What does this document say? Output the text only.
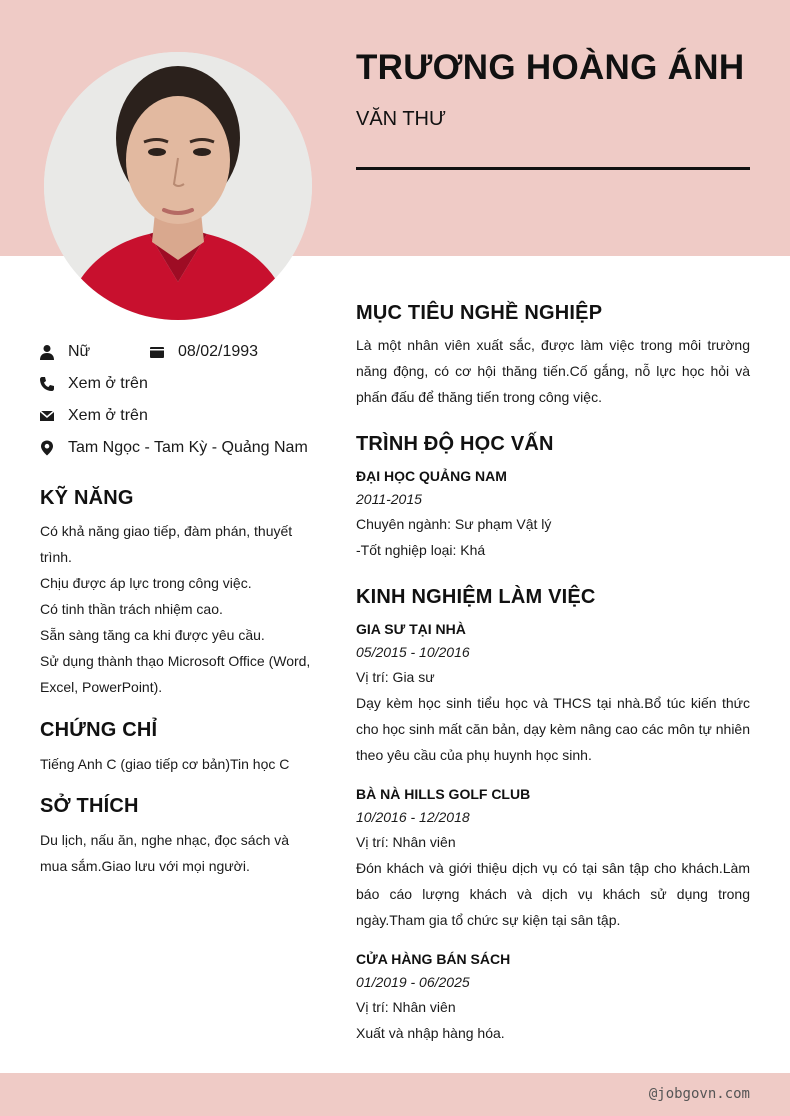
TRƯƠNG HOÀNG ÁNH
VĂN THƯ
Nữ	08/02/1993
Xem ở trên
Xem ở trên
Tam Ngọc - Tam Kỳ - Quảng Nam
KỸ NĂNG
Có khả năng giao tiếp, đàm phán, thuyết trình.
Chịu được áp lực trong công việc.
Có tinh thần trách nhiệm cao.
Sẵn sàng tăng ca khi được yêu cầu.
Sử dụng thành thạo Microsoft Office (Word, Excel, PowerPoint).
CHỨNG CHỈ
Tiếng Anh C (giao tiếp cơ bản)Tin học C
SỞ THÍCH
Du lịch, nấu ăn, nghe nhạc, đọc sách và mua sắm.Giao lưu với mọi người.
MỤC TIÊU NGHỀ NGHIỆP
Là một nhân viên xuất sắc, được làm việc trong môi trường năng động, có cơ hội thăng tiến.Cố gắng, nỗ lực học hỏi và phấn đấu để thăng tiến trong công việc.
TRÌNH ĐỘ HỌC VẤN
ĐẠI HỌC QUẢNG NAM
2011-2015
Chuyên ngành: Sư phạm Vật lý
-Tốt nghiệp loại: Khá
KINH NGHIỆM LÀM VIỆC
GIA SƯ TẠI NHÀ
05/2015 - 10/2016
Vị trí: Gia sư
Dạy kèm học sinh tiểu học và THCS tại nhà.Bổ túc kiến thức cho học sinh mất căn bản, dạy kèm nâng cao các môn tự nhiên theo yêu cầu của phụ huynh học sinh.
BÀ NÀ HILLS GOLF CLUB
10/2016 - 12/2018
Vị trí: Nhân viên
Đón khách và giới thiệu dịch vụ có tại sân tập cho khách.Làm báo cáo lượng khách và dịch vụ khách sử dụng trong ngày.Tham gia tổ chức sự kiện tại sân tập.
CỬA HÀNG BÁN SÁCH
01/2019 - 06/2025
Vị trí: Nhân viên
Xuất và nhập hàng hóa.
@jobgovn.com
